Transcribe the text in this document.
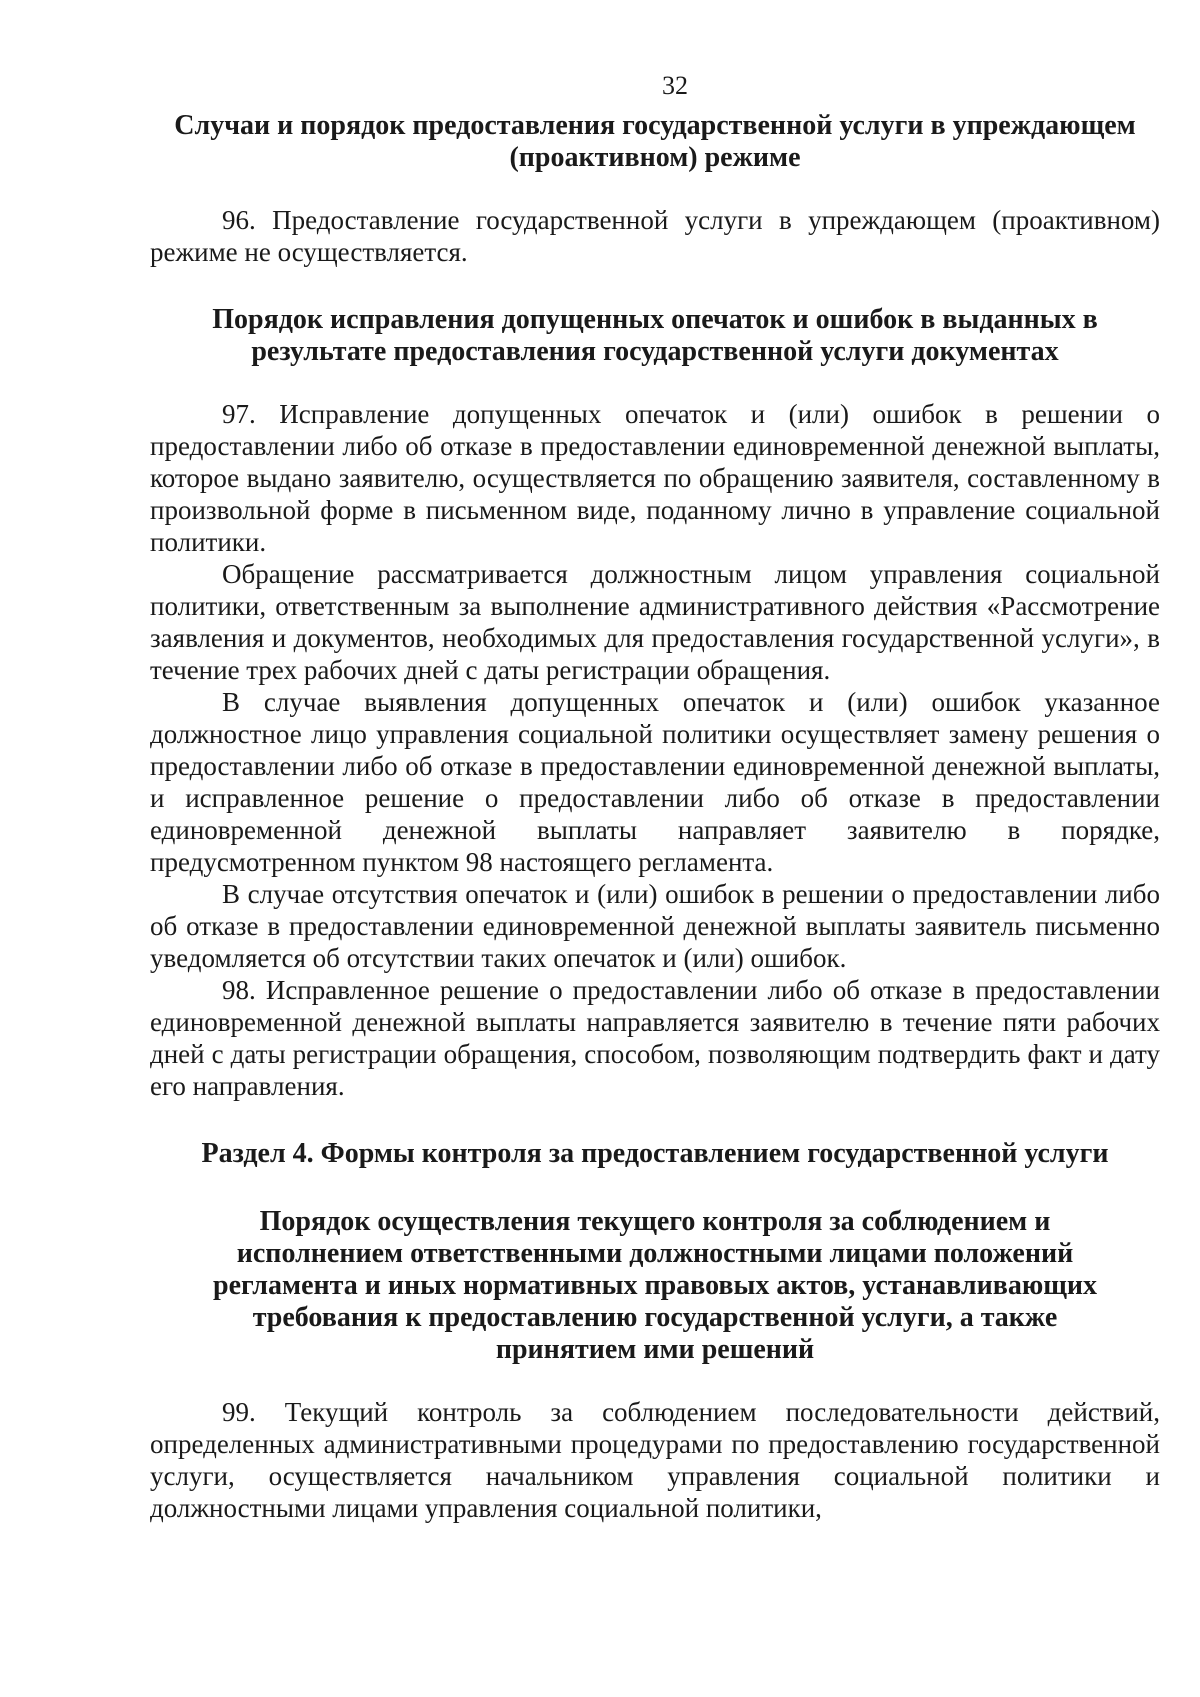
32
Случаи и порядок предоставления государственной услуги в упреждающем (проактивном) режиме

96. Предоставление государственной услуги в упреждающем (проактивном) режиме не осуществляется.

Порядок исправления допущенных опечаток и ошибок в выданных в результате предоставления государственной услуги документах

97. Исправление допущенных опечаток и (или) ошибок в решении о предоставлении либо об отказе в предоставлении единовременной денежной выплаты, которое выдано заявителю, осуществляется по обращению заявителя, составленному в произвольной форме в письменном виде, поданному лично в управление социальной политики.

Обращение рассматривается должностным лицом управления социальной политики, ответственным за выполнение административного действия «Рассмотрение заявления и документов, необходимых для предоставления государственной услуги», в течение трех рабочих дней с даты регистрации обращения.

В случае выявления допущенных опечаток и (или) ошибок указанное должностное лицо управления социальной политики осуществляет замену решения о предоставлении либо об отказе в предоставлении единовременной денежной выплаты, и исправленное решение о предоставлении либо об отказе в предоставлении единовременной денежной выплаты направляет заявителю в порядке, предусмотренном пунктом 98 настоящего регламента.

В случае отсутствия опечаток и (или) ошибок в решении о предоставлении либо об отказе в предоставлении единовременной денежной выплаты заявитель письменно уведомляется об отсутствии таких опечаток и (или) ошибок.

98. Исправленное решение о предоставлении либо об отказе в предоставлении единовременной денежной выплаты направляется заявителю в течение пяти рабочих дней с даты регистрации обращения, способом, позволяющим подтвердить факт и дату его направления.

Раздел 4. Формы контроля за предоставлением государственной услуги
Порядок осуществления текущего контроля за соблюдением и исполнением ответственными должностными лицами положений регламента и иных нормативных правовых актов, устанавливающих требования к предоставлению государственной услуги, а также принятием ими решений

99. Текущий контроль за соблюдением последовательности действий, определенных административными процедурами по предоставлению государственной услуги, осуществляется начальником управления социальной политики и должностными лицами управления социальной политики,
